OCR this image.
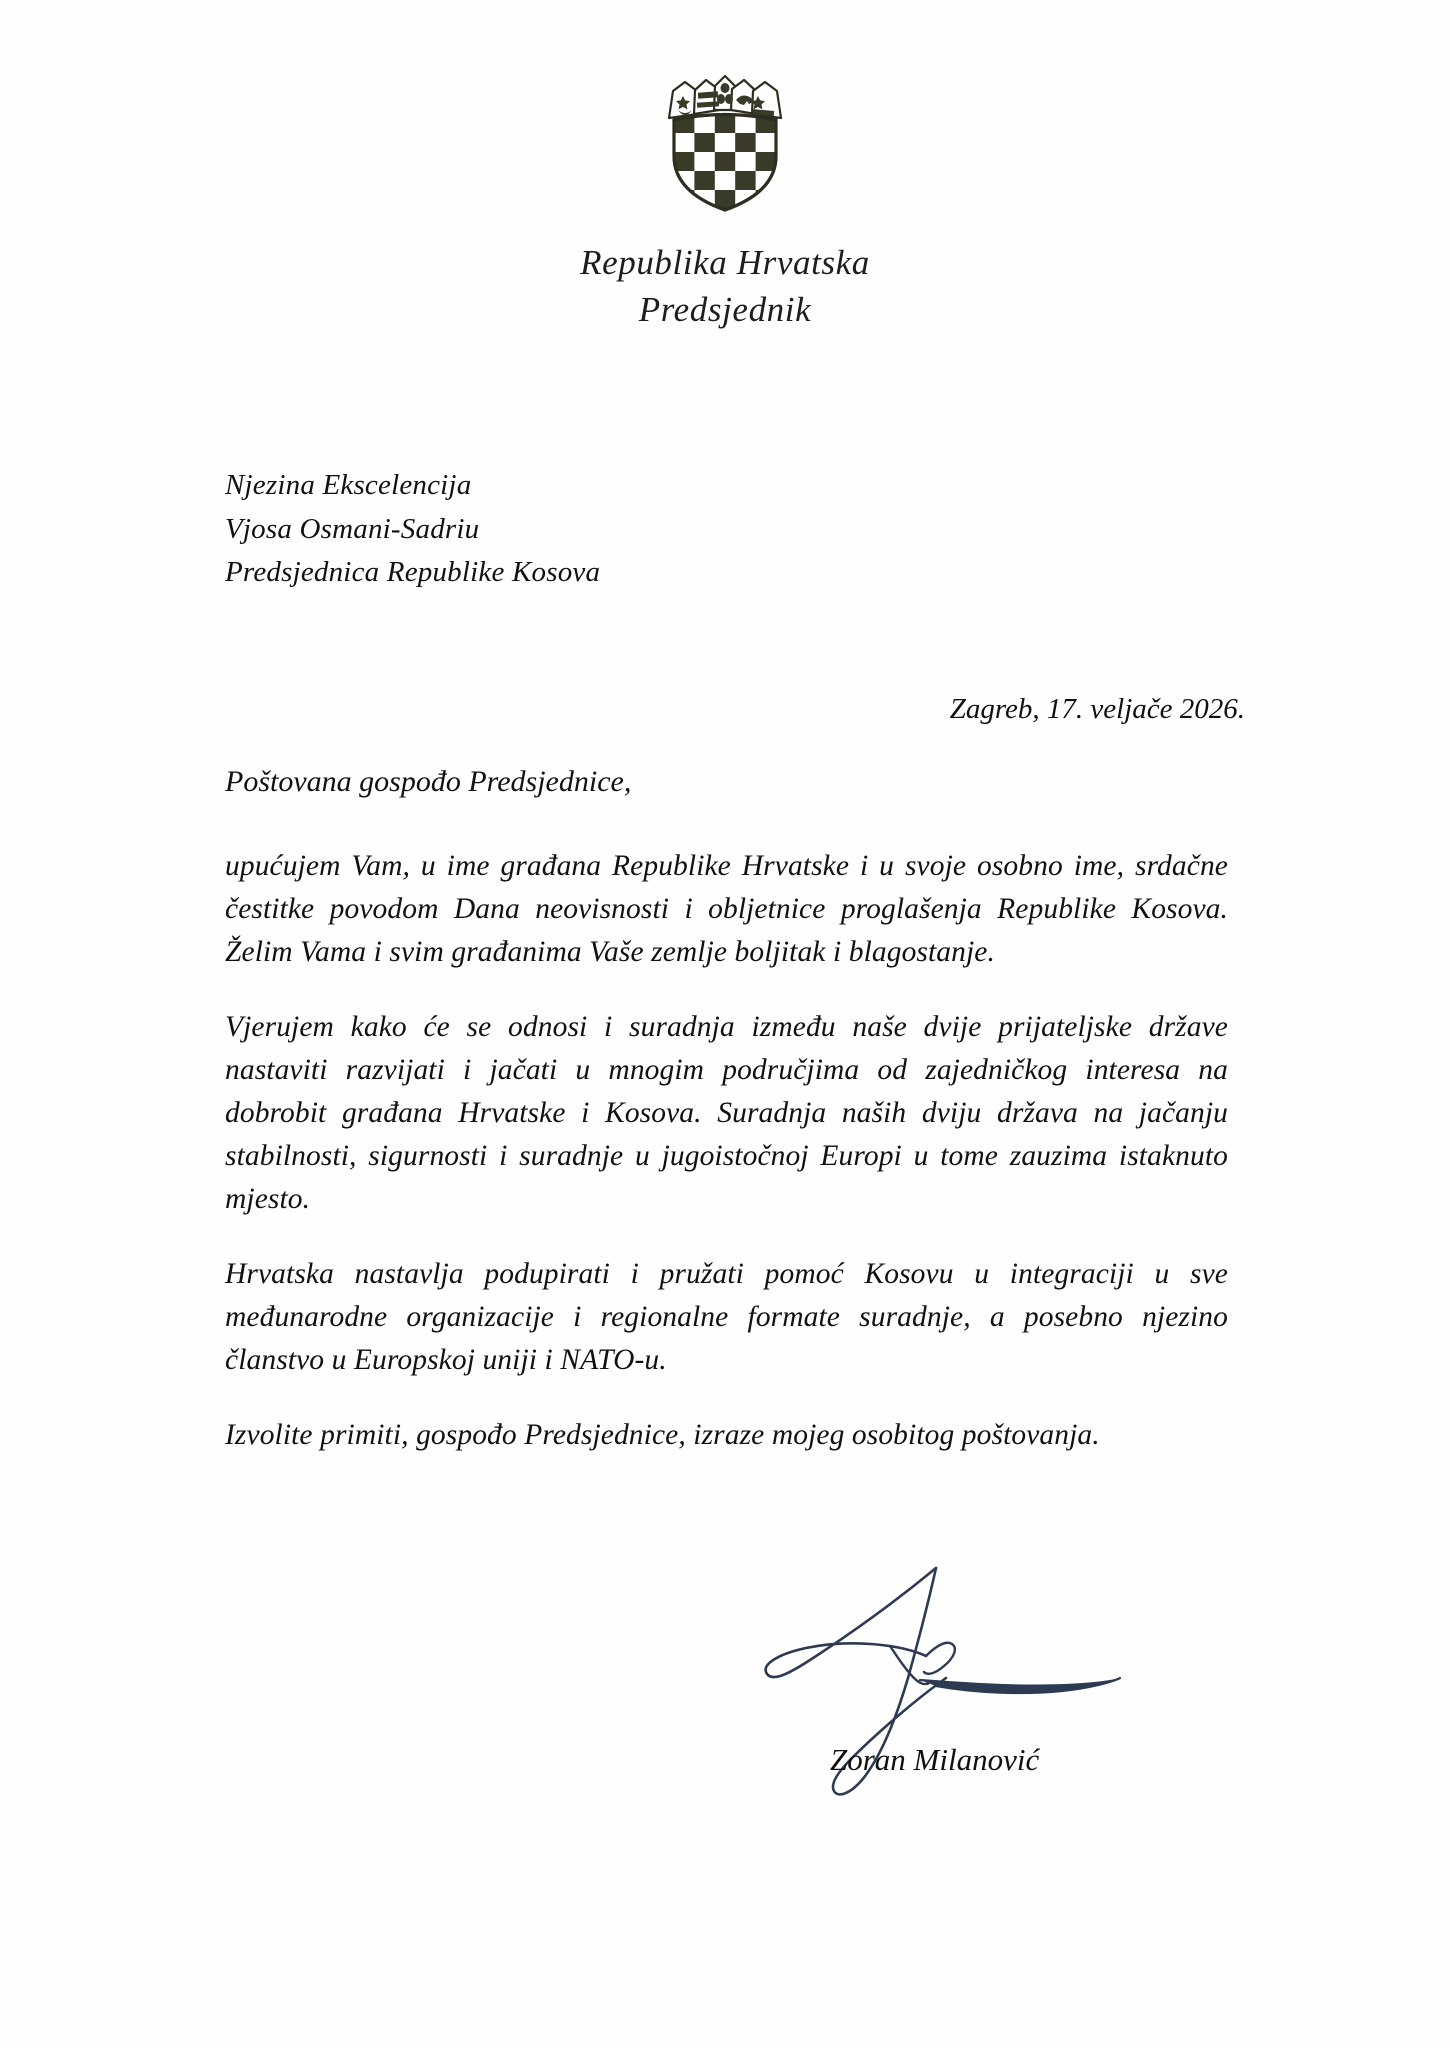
Republika Hrvatska
Predsjednik
Njezina Ekscelencija
Vjosa Osmani-Sadriu
Predsjednica Republike Kosova
Zagreb, 17. veljače 2026.
Poštovana gospođo Predsjednice,

upućujem Vam, u ime građana Republike Hrvatske i u svoje osobno ime, srdačne čestitke povodom Dana neovisnosti i obljetnice proglašenja Republike Kosova. Želim Vama i svim građanima Vaše zemlje boljitak i blagostanje.

Vjerujem kako će se odnosi i suradnja između naše dvije prijateljske države nastaviti razvijati i jačati u mnogim područjima od zajedničkog interesa na dobrobit građana Hrvatske i Kosova. Suradnja naših dviju država na jačanju stabilnosti, sigurnosti i suradnje u jugoistočnoj Europi u tome zauzima istaknuto mjesto.

Hrvatska nastavlja podupirati i pružati pomoć Kosovu u integraciji u sve međunarodne organizacije i regionalne formate suradnje, a posebno njezino članstvo u Europskoj uniji i NATO-u.

Izvolite primiti, gospođo Predsjednice, izraze mojeg osobitog poštovanja.

Zoran Milanović
